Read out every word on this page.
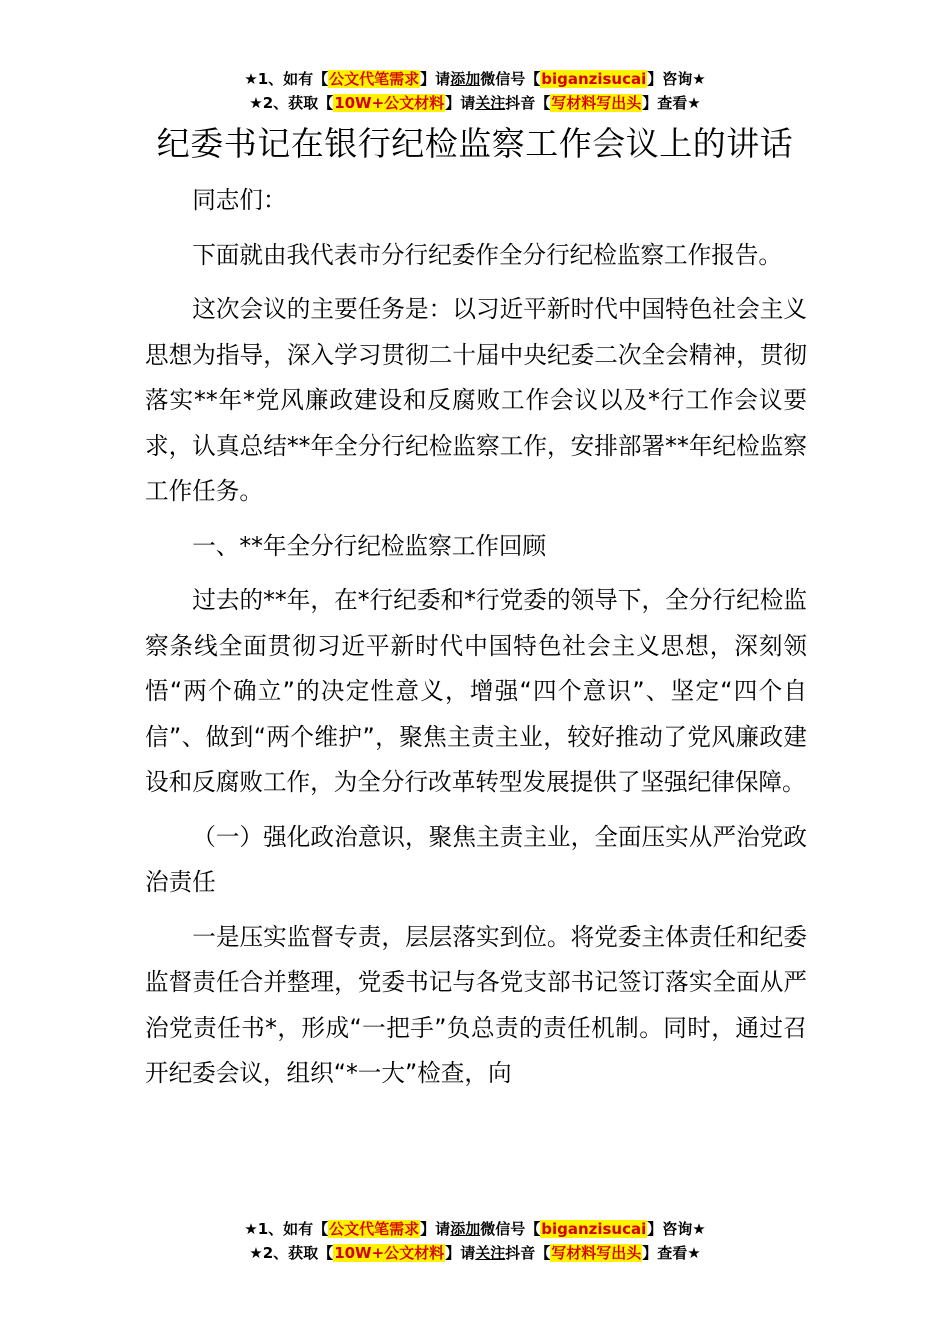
★1、如有【公文代笔需求】请添加微信号【biganzisucai】咨询★
★2、获取【10W+公文材料】请关注抖音【写材料写出头】查看★
纪委书记在银行纪检监察工作会议上的讲话

同志们：

下面就由我代表市分行纪委作全分行纪检监察工作报告。

这次会议的主要任务是：以习近平新时代中国特色社会主义思想为指导，深入学习贯彻二十届中央纪委二次全会精神，贯彻落实**年*党风廉政建设和反腐败工作会议以及*行工作会议要求，认真总结**年全分行纪检监察工作，安排部署**年纪检监察工作任务。

一、**年全分行纪检监察工作回顾

过去的**年，在*行纪委和*行党委的领导下，全分行纪检监察条线全面贯彻习近平新时代中国特色社会主义思想，深刻领悟“两个确立”的决定性意义，增强“四个意识”、坚定“四个自信”、做到“两个维护”，聚焦主责主业，较好推动了党风廉政建设和反腐败工作，为全分行改革转型发展提供了坚强纪律保障。

（一）强化政治意识，聚焦主责主业，全面压实从严治党政治责任

一是压实监督专责，层层落实到位。将党委主体责任和纪委监督责任合并整理，党委书记与各党支部书记签订落实全面从严治党责任书*，形成“一把手”负总责的责任机制。同时，通过召开纪委会议，组织“*一大”检查，向

★1、如有【公文代笔需求】请添加微信号【biganzisucai】咨询★
★2、获取【10W+公文材料】请关注抖音【写材料写出头】查看★
